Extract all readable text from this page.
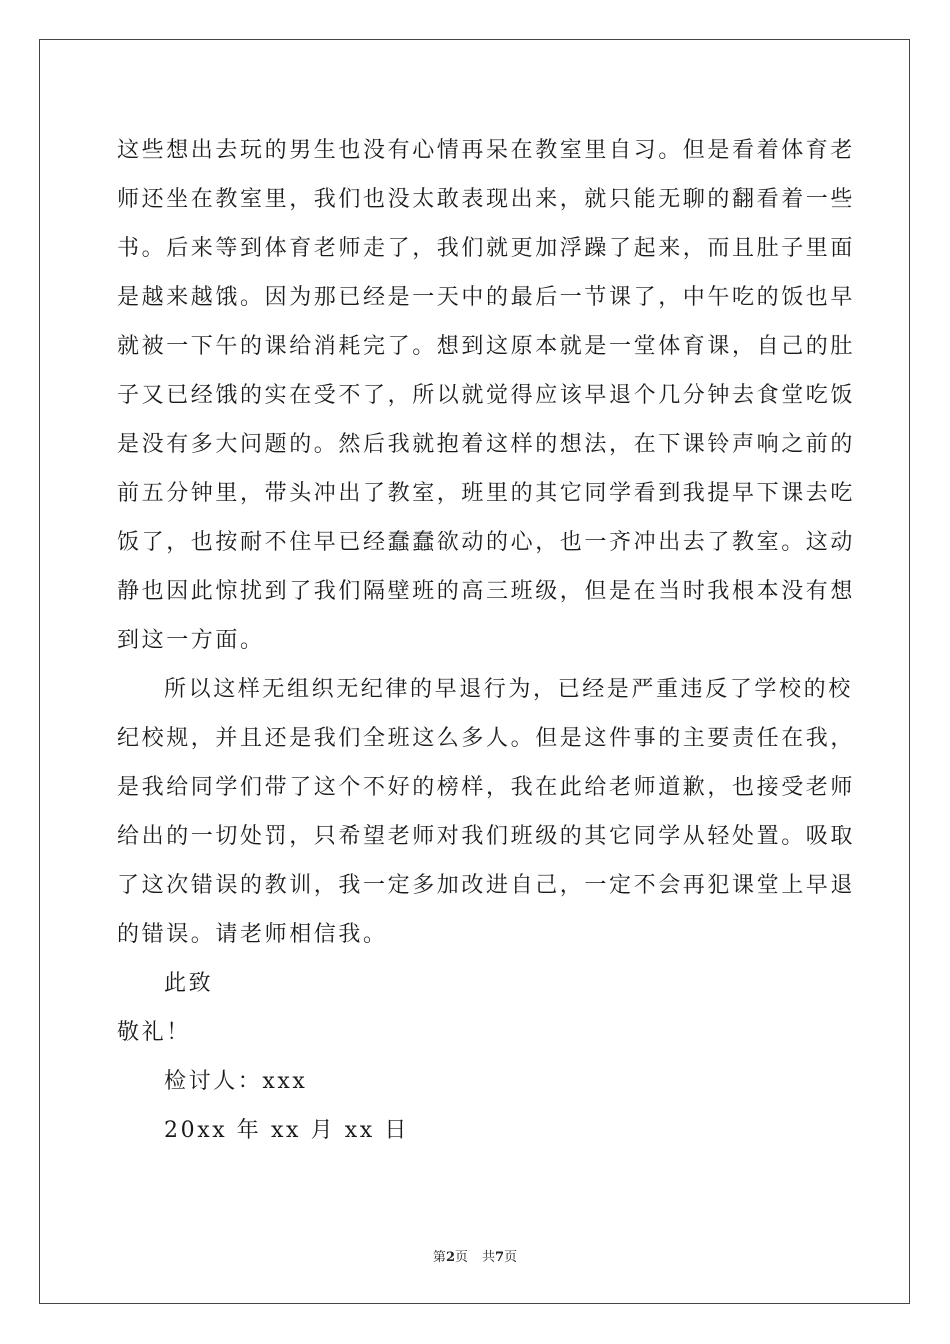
这些想出去玩的男生也没有心情再呆在教室里自习。但是看着体育老
师还坐在教室里，我们也没太敢表现出来，就只能无聊的翻看着一些
书。后来等到体育老师走了，我们就更加浮躁了起来，而且肚子里面
是越来越饿。因为那已经是一天中的最后一节课了，中午吃的饭也早
就被一下午的课给消耗完了。想到这原本就是一堂体育课，自己的肚
子又已经饿的实在受不了，所以就觉得应该早退个几分钟去食堂吃饭
是没有多大问题的。然后我就抱着这样的想法，在下课铃声响之前的
前五分钟里，带头冲出了教室，班里的其它同学看到我提早下课去吃
饭了，也按耐不住早已经蠢蠢欲动的心，也一齐冲出去了教室。这动
静也因此惊扰到了我们隔壁班的高三班级，但是在当时我根本没有想
到这一方面。
所以这样无组织无纪律的早退行为，已经是严重违反了学校的校
纪校规，并且还是我们全班这么多人。但是这件事的主要责任在我，
是我给同学们带了这个不好的榜样，我在此给老师道歉，也接受老师
给出的一切处罚，只希望老师对我们班级的其它同学从轻处置。吸取
了这次错误的教训，我一定多加改进自己，一定不会再犯课堂上早退
的错误。请老师相信我。
此致
敬礼！
检讨人：xxx
20xx 年 xx 月 xx 日
第2页 共7页
